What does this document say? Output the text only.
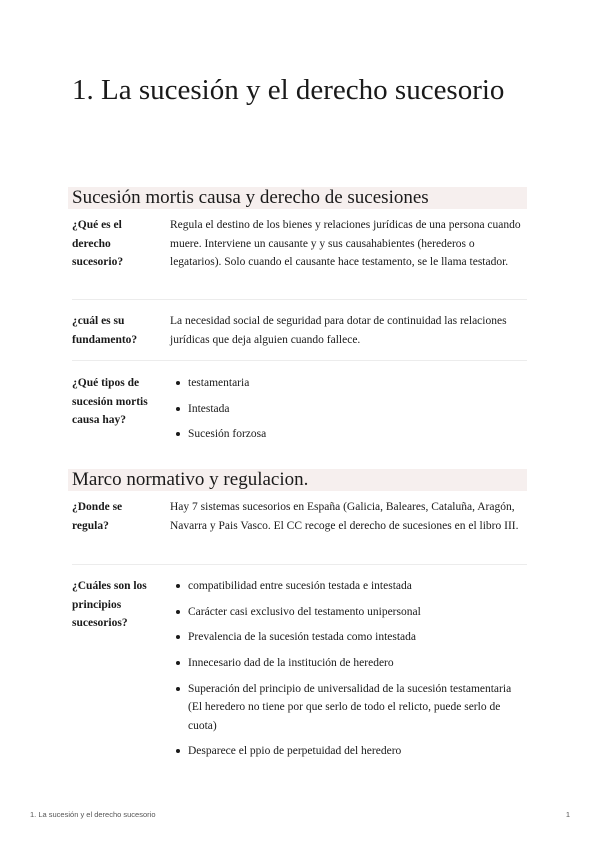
1. La sucesión y el derecho sucesorio
Sucesión mortis causa y derecho de sucesiones
¿Qué es el derecho sucesorio?
Regula el destino de los bienes y relaciones jurídicas de una persona cuando muere. Interviene un causante y y sus causahabientes (herederos o legatarios). Solo cuando el causante hace testamento, se le llama testador.
¿cuál es su fundamento?
La necesidad social de seguridad para dotar de continuidad las relaciones jurídicas que deja alguien cuando fallece.
¿Qué tipos de sucesión mortis causa hay?
testamentaria
Intestada
Sucesión forzosa
Marco normativo y regulacion.
¿Donde se regula?
Hay 7 sistemas sucesorios en España (Galicia, Baleares, Cataluña, Aragón, Navarra y Pais Vasco. El CC recoge el derecho de sucesiones en el libro III.
¿Cuáles son los principios sucesorios?
compatibilidad entre sucesión testada e intestada
Carácter casi exclusivo del testamento unipersonal
Prevalencia de la sucesión testada como intestada
Innecesario dad de la institución de heredero
Superación del principio de universalidad de la sucesión testamentaria (El heredero no tiene por que serlo de todo el relicto, puede serlo de cuota)
Desparece el ppio de perpetuidad del heredero
1. La sucesión y el derecho sucesorio	1
